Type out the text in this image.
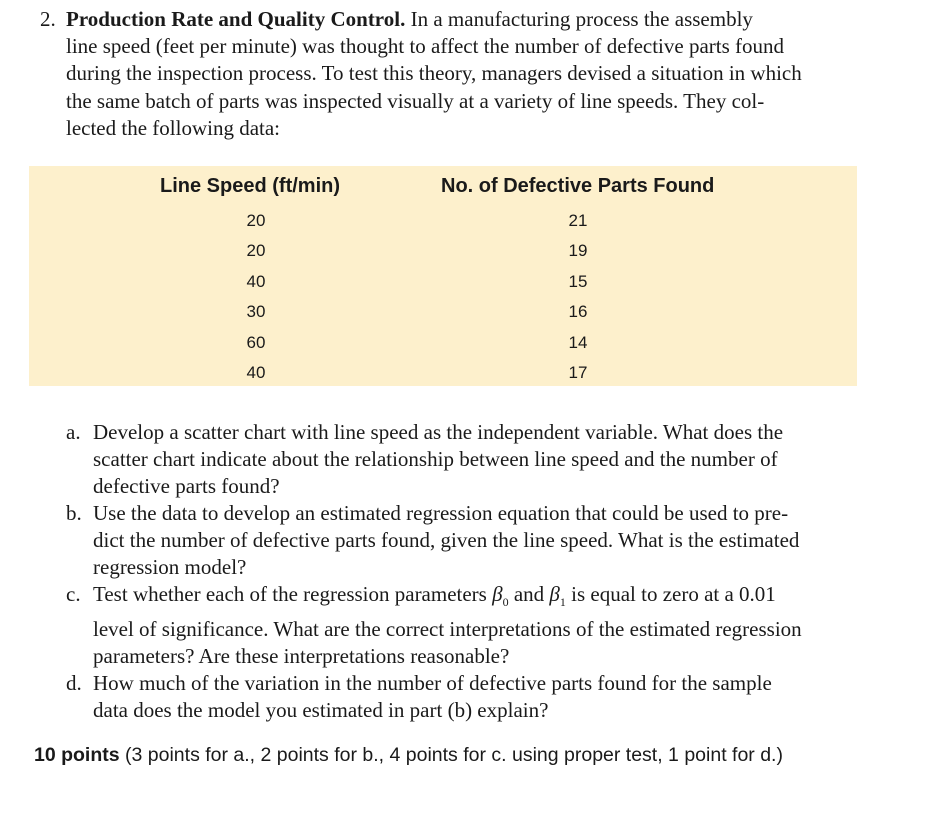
2. Production Rate and Quality Control. In a manufacturing process the assembly
line speed (feet per minute) was thought to affect the number of defective parts found
during the inspection process. To test this theory, managers devised a situation in which
the same batch of parts was inspected visually at a variety of line speeds. They col-
lected the following data:
Line Speed (ft/min)	No. of Defective Parts Found
20
20
40
30
60
40
21
19
15
16
14
17
a. Develop a scatter chart with line speed as the independent variable. What does the
scatter chart indicate about the relationship between line speed and the number of
defective parts found?
b. Use the data to develop an estimated regression equation that could be used to pre-
dict the number of defective parts found, given the line speed. What is the estimated
regression model?
c. Test whether each of the regression parameters $\beta_0$ and $\beta_1$ is equal to zero at a 0.01
level of significance. What are the correct interpretations of the estimated regression
parameters? Are these interpretations reasonable?
d. How much of the variation in the number of defective parts found for the sample
data does the model you estimated in part (b) explain?
10 points (3 points for a., 2 points for b., 4 points for c. using proper test, 1 point for d.)
